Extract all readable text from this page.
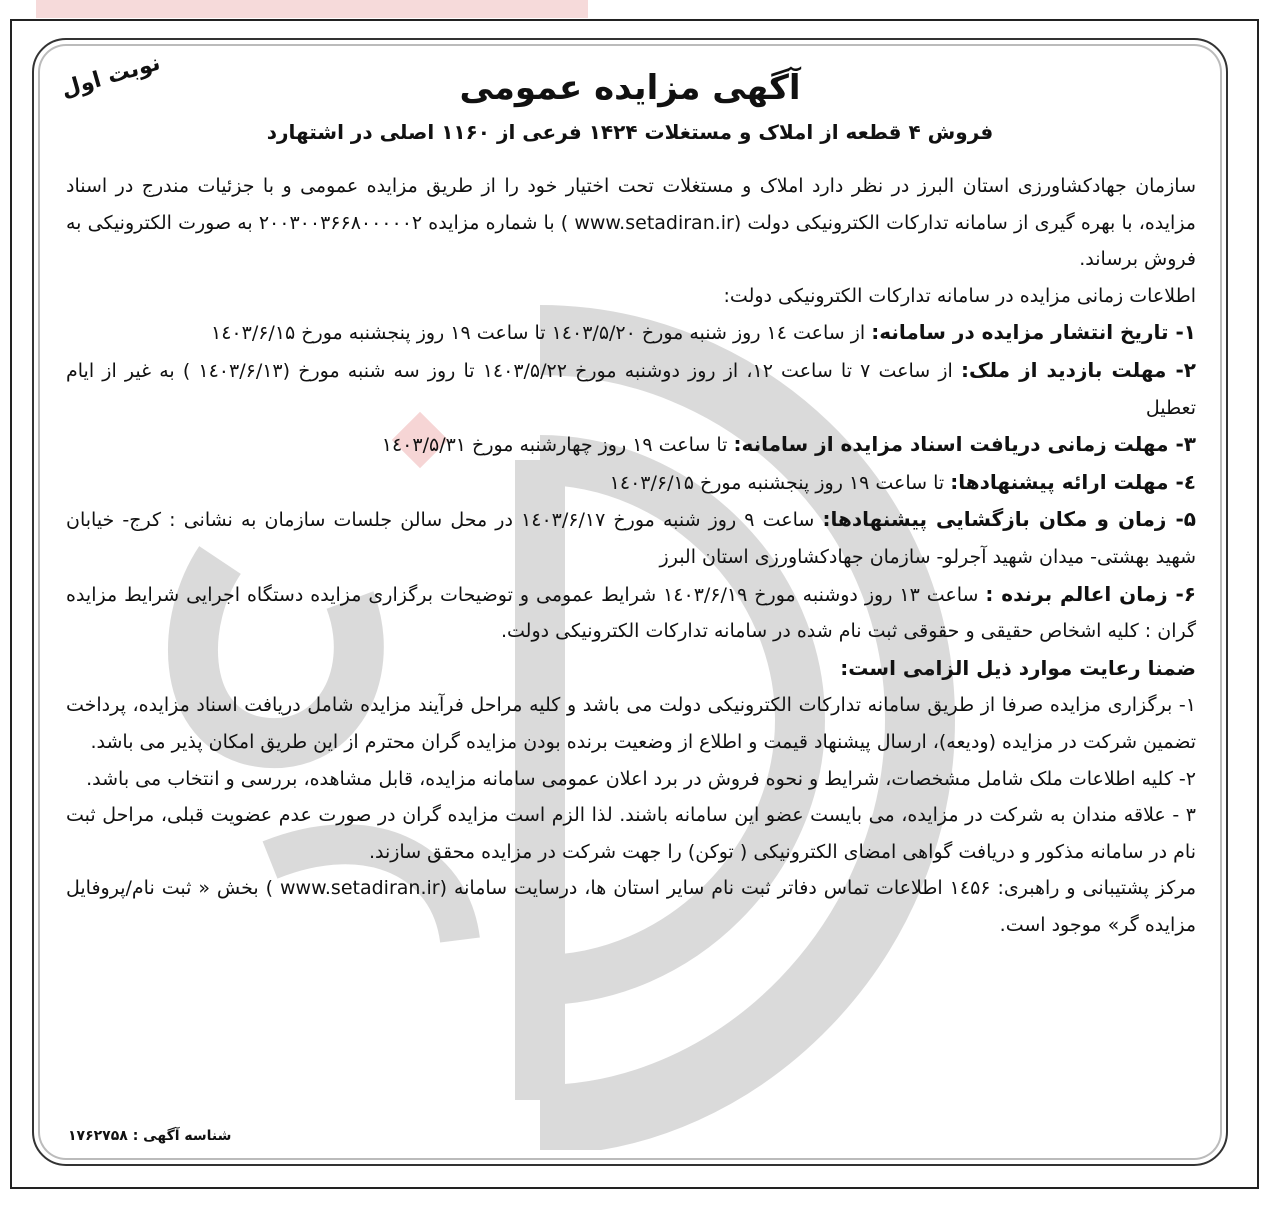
نوبت اول	آگهی مزایده عمومی
فروش ۴ قطعه از املاک و مستغلات ۱۴۲۴ فرعی از ۱۱۶۰ اصلی در اشتهارد

سازمان جهادکشاورزی استان البرز در نظر دارد املاک و مستغلات تحت اختیار خود را از طریق مزایده عمومی و با جزئیات مندرج در اسناد مزایده، با بهره گیری از سامانه تدارکات الکترونیکی دولت (www.setadiran.ir ) با شماره مزایده ۲۰۰۳۰۰۳۶۶۸۰۰۰۰۰۲ به صورت الکترونیکی به فروش برساند.

اطلاعات زمانی مزایده در سامانه تدارکات الکترونیکی دولت:

۱- تاریخ انتشار مزایده در سامانه: از ساعت ۱٤ روز شنبه مورخ ۱٤۰۳/۵/۲۰ تا ساعت ۱۹ روز پنجشنبه مورخ ۱٤۰۳/۶/۱۵

۲- مهلت بازدید از ملک: از ساعت ۷ تا ساعت ۱۲، از روز دوشنبه مورخ ۱٤۰۳/۵/۲۲ تا روز سه شنبه مورخ (۱٤۰۳/۶/۱۳ ) به غیر از ایام تعطیل

۳- مهلت زمانی دریافت اسناد مزایده از سامانه: تا ساعت ۱۹ روز چهارشنبه مورخ ۱٤۰۳/۵/۳۱

٤- مهلت ارائه پیشنهادها: تا ساعت ۱۹ روز پنجشنبه مورخ ۱٤۰۳/۶/۱۵

۵- زمان و مکان بازگشایی پیشنهادها: ساعت ۹ روز شنبه مورخ ۱٤۰۳/۶/۱۷ در محل سالن جلسات سازمان به نشانی : کرج- خیابان شهید بهشتی- میدان شهید آجرلو- سازمان جهادکشاورزی استان البرز

۶- زمان اعالم برنده : ساعت ۱۳ روز دوشنبه مورخ ۱٤۰۳/۶/۱۹ شرایط عمومی و توضیحات برگزاری مزایده دستگاه اجرایی شرایط مزایده گران : کلیه اشخاص حقیقی و حقوقی ثبت نام شده در سامانه تدارکات الکترونیکی دولت.

ضمنا رعایت موارد ذیل الزامی است:

۱- برگزاری مزایده صرفا از طریق سامانه تدارکات الکترونیکی دولت می باشد و کلیه مراحل فرآیند مزایده شامل دریافت اسناد مزایده، پرداخت تضمین شرکت در مزایده (ودیعه)، ارسال پیشنهاد قیمت و اطلاع از وضعیت برنده بودن مزایده گران محترم از این طریق امکان پذیر می باشد.

۲- کلیه اطلاعات ملک شامل مشخصات، شرایط و نحوه فروش در برد اعلان عمومی سامانه مزایده، قابل مشاهده، بررسی و انتخاب می باشد.

۳ - علاقه مندان به شرکت در مزایده، می بایست عضو این سامانه باشند. لذا الزم است مزایده گران در صورت عدم عضویت قبلی، مراحل ثبت نام در سامانه مذکور و دریافت گواهی امضای الکترونیکی ( توکن) را جهت شرکت در مزایده محقق سازند.

مرکز پشتیبانی و راهبری: ۱٤۵۶ اطلاعات تماس دفاتر ثبت نام سایر استان ها، درسایت سامانه (www.setadiran.ir ) بخش « ثبت نام/پروفایل مزایده گر» موجود است.

شناسه آگهی : ۱۷۶۲۷۵۸
